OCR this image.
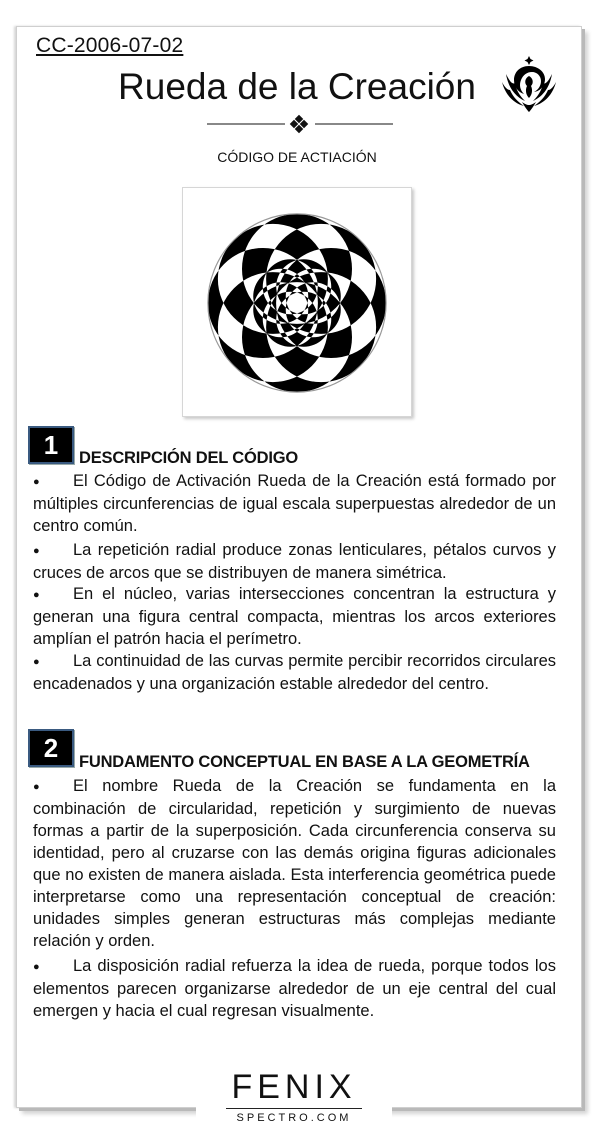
CC-2006-07-02
Rueda de la Creación
CÓDIGO DE ACTIACIÓN
1	DESCRIPCIÓN DEL CÓDIGO

● El Código de Activación Rueda de la Creación está formado por múltiples circunferencias de igual escala superpuestas alrededor de un centro común.

● La repetición radial produce zonas lenticulares, pétalos curvos y cruces de arcos que se distribuyen de manera simétrica.

● En el núcleo, varias intersecciones concentran la estructura y generan una figura central compacta, mientras los arcos exteriores amplían el patrón hacia el perímetro.

● La continuidad de las curvas permite percibir recorridos circulares encadenados y una organización estable alrededor del centro.

2	FUNDAMENTO CONCEPTUAL EN BASE A LA GEOMETRÍA

● El nombre Rueda de la Creación se fundamenta en la combinación de circularidad, repetición y surgimiento de nuevas formas a partir de la superposición. Cada circunferencia conserva su identidad, pero al cruzarse con las demás origina figuras adicionales que no existen de manera aislada. Esta interferencia geométrica puede interpretarse como una representación conceptual de creación: unidades simples generan estructuras más complejas mediante relación y orden.

● La disposición radial refuerza la idea de rueda, porque todos los elementos parecen organizarse alrededor de un eje central del cual emergen y hacia el cual regresan visualmente.

FENIX
SPECTRO.COM
